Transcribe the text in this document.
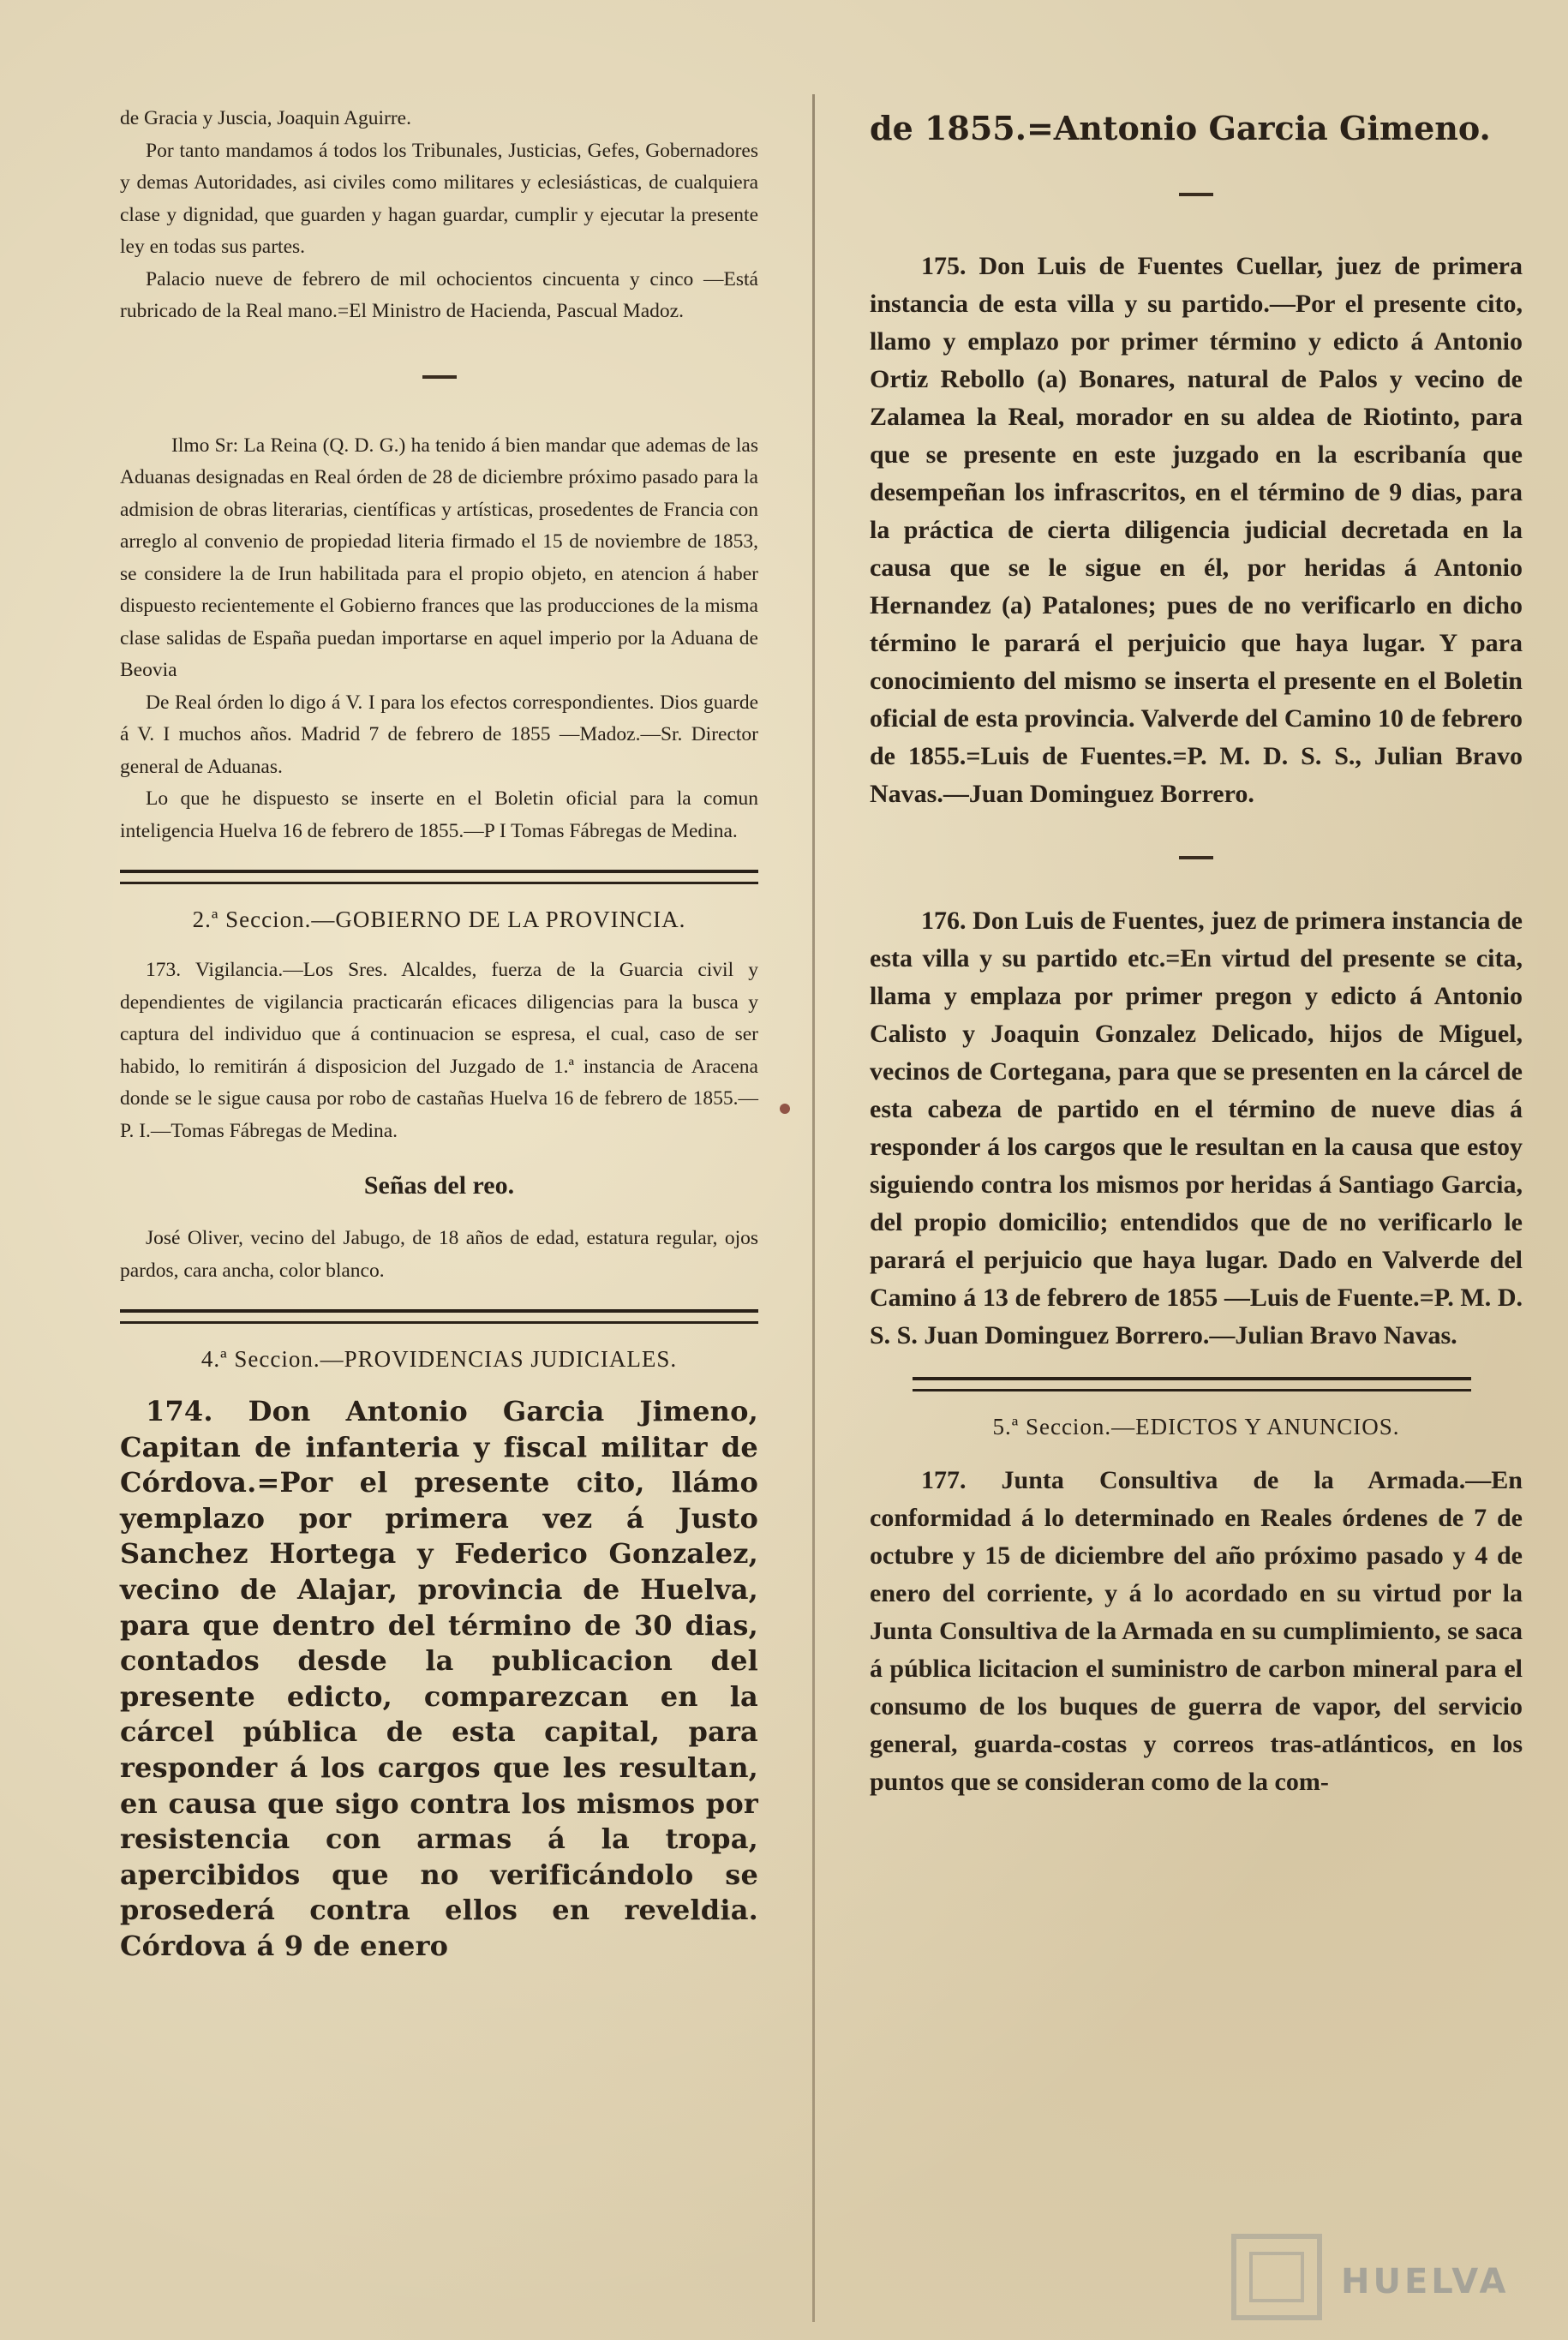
de Gracia y Juscia, Joaquin Aguirre.

Por tanto mandamos á todos los Tribunales, Justicias, Gefes, Gobernadores y demas Autoridades, asi civiles como militares y eclesiásticas, de cualquiera clase y dignidad, que guarden y hagan guardar, cumplir y ejecutar la presente ley en todas sus partes.

Palacio nueve de febrero de mil ochocientos cincuenta y cinco —Está rubricado de la Real mano.=El Ministro de Hacienda, Pascual Madoz.

Ilmo Sr: La Reina (Q. D. G.) ha tenido á bien mandar que ademas de las Aduanas designadas en Real órden de 28 de diciembre próximo pasado para la admision de obras literarias, científicas y artísticas, prosedentes de Francia con arreglo al convenio de propiedad literia firmado el 15 de noviembre de 1853, se considere la de Irun habilitada para el propio objeto, en atencion á haber dispuesto recientemente el Gobierno frances que las producciones de la misma clase salidas de España puedan importarse en aquel imperio por la Aduana de Beovia

De Real órden lo digo á V. I para los efectos correspondientes. Dios guarde á V. I muchos años. Madrid 7 de febrero de 1855 —Madoz.—Sr. Director general de Aduanas.

Lo que he dispuesto se inserte en el Boletin oficial para la comun inteligencia Huelva 16 de febrero de 1855.—P I Tomas Fábregas de Medina.

2.ª Seccion.—GOBIERNO DE LA PROVINCIA.

173. Vigilancia.—Los Sres. Alcaldes, fuerza de la Guarcia civil y dependientes de vigilancia practicarán eficaces diligencias para la busca y captura del individuo que á continuacion se espresa, el cual, caso de ser habido, lo remitirán á disposicion del Juzgado de 1.ª instancia de Aracena donde se le sigue causa por robo de castañas Huelva 16 de febrero de 1855.—P. I.—Tomas Fábregas de Medina.

Señas del reo.

José Oliver, vecino del Jabugo, de 18 años de edad, estatura regular, ojos pardos, cara ancha, color blanco.

4.ª Seccion.—PROVIDENCIAS JUDICIALES.

174. Don Antonio Garcia Jimeno, Capitan de infanteria y fiscal militar de Córdova.=Por el presente cito, llámo yemplazo por primera vez á Justo Sanchez Hortega y Federico Gonzalez, vecino de Alajar, provincia de Huelva, para que dentro del término de 30 dias, contados desde la publicacion del presente edicto, comparezcan en la cárcel pública de esta capital, para responder á los cargos que les resultan, en causa que sigo contra los mismos por resistencia con armas á la tropa, apercibidos que no verificándolo se prosederá contra ellos en reveldia. Córdova á 9 de enero

de 1855.=Antonio Garcia Gimeno.

175. Don Luis de Fuentes Cuellar, juez de primera instancia de esta villa y su partido.—Por el presente cito, llamo y emplazo por primer término y edicto á Antonio Ortiz Rebollo (a) Bonares, natural de Palos y vecino de Zalamea la Real, morador en su aldea de Riotinto, para que se presente en este juzgado en la escribanía que desempeñan los infrascritos, en el término de 9 dias, para la práctica de cierta diligencia judicial decretada en la causa que se le sigue en él, por heridas á Antonio Hernandez (a) Patalones; pues de no verificarlo en dicho término le parará el perjuicio que haya lugar. Y para conocimiento del mismo se inserta el presente en el Boletin oficial de esta provincia. Valverde del Camino 10 de febrero de 1855.=Luis de Fuentes.=P. M. D. S. S., Julian Bravo Navas.—Juan Dominguez Borrero.

176. Don Luis de Fuentes, juez de primera instancia de esta villa y su partido etc.=En virtud del presente se cita, llama y emplaza por primer pregon y edicto á Antonio Calisto y Joaquin Gonzalez Delicado, hijos de Miguel, vecinos de Cortegana, para que se presenten en la cárcel de esta cabeza de partido en el término de nueve dias á responder á los cargos que le resultan en la causa que estoy siguiendo contra los mismos por heridas á Santiago Garcia, del propio domicilio; entendidos que de no verificarlo le parará el perjuicio que haya lugar. Dado en Valverde del Camino á 13 de febrero de 1855 —Luis de Fuente.=P. M. D. S. S. Juan Dominguez Borrero.—Julian Bravo Navas.

5.ª Seccion.—EDICTOS Y ANUNCIOS.

177. Junta Consultiva de la Armada.—En conformidad á lo determinado en Reales órdenes de 7 de octubre y 15 de diciembre del año próximo pasado y 4 de enero del corriente, y á lo acordado en su virtud por la Junta Consultiva de la Armada en su cumplimiento, se saca á pública licitacion el suministro de carbon mineral para el consumo de los buques de guerra de vapor, del servicio general, guarda-costas y correos tras-atlánticos, en los puntos que se consideran como de la com-

HUELVA
